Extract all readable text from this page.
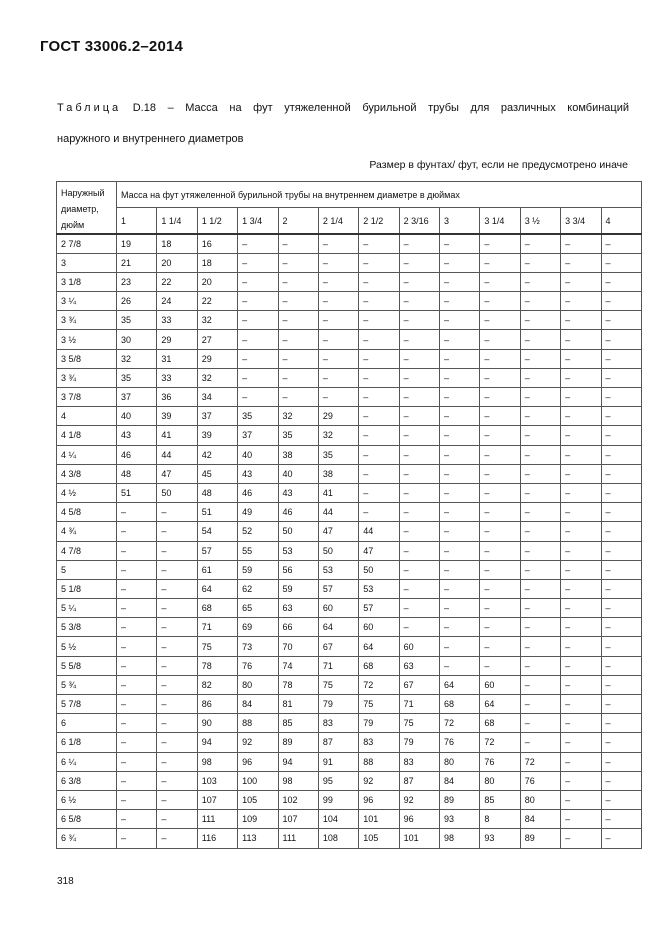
ГОСТ 33006.2–2014
Таблица D.18 – Масса на фут утяжеленной бурильной трубы для различных комбинаций
наружного и внутреннего диаметров
Размер в фунтах/ фут, если не предусмотрено иначе
Наружный диаметр, дюйм	Масса на фут утяжеленной бурильной трубы на внутреннем диаметре в дюймах												
	1	1 1/4	1 1/2	1 3/4	2	2 1/4	2 1/2	2 3/16	3	3 1/4	3 ½	3 3/4	4
2 7/8	19	18	16	–	–	–	–	–	–	–	–	–	–
3	21	20	18	–	–	–	–	–	–	–	–	–	–
3 1/8	23	22	20	–	–	–	–	–	–	–	–	–	–
3 ¼	26	24	22	–	–	–	–	–	–	–	–	–	–
3 ¾	35	33	32	–	–	–	–	–	–	–	–	–	–
3 ½	30	29	27	–	–	–	–	–	–	–	–	–	–
3 5/8	32	31	29	–	–	–	–	–	–	–	–	–	–
3 ¾	35	33	32	–	–	–	–	–	–	–	–	–	–
3 7/8	37	36	34	–	–	–	–	–	–	–	–	–	–
4	40	39	37	35	32	29	–	–	–	–	–	–	–
4 1/8	43	41	39	37	35	32	–	–	–	–	–	–	–
4 ¼	46	44	42	40	38	35	–	–	–	–	–	–	–
4 3/8	48	47	45	43	40	38	–	–	–	–	–	–	–
4 ½	51	50	48	46	43	41	–	–	–	–	–	–	–
4 5/8	–	–	51	49	46	44	–	–	–	–	–	–	–
4 ¾	–	–	54	52	50	47	44	–	–	–	–	–	–
4 7/8	–	–	57	55	53	50	47	–	–	–	–	–	–
5	–	–	61	59	56	53	50	–	–	–	–	–	–
5 1/8	–	–	64	62	59	57	53	–	–	–	–	–	–
5 ¼	–	–	68	65	63	60	57	–	–	–	–	–	–
5 3/8	–	–	71	69	66	64	60	–	–	–	–	–	–
5 ½	–	–	75	73	70	67	64	60	–	–	–	–	–
5 5/8	–	–	78	76	74	71	68	63	–	–	–	–	–
5 ¾	–	–	82	80	78	75	72	67	64	60	–	–	–
5 7/8	–	–	86	84	81	79	75	71	68	64	–	–	–
6	–	–	90	88	85	83	79	75	72	68	–	–	–
6 1/8	–	–	94	92	89	87	83	79	76	72	–	–	–
6 ¼	–	–	98	96	94	91	88	83	80	76	72	–	–
6 3/8	–	–	103	100	98	95	92	87	84	80	76	–	–
6 ½	–	–	107	105	102	99	96	92	89	85	80	–	–
6 5/8	–	–	111	109	107	104	101	96	93	8	84	–	–
6 ¾	–	–	116	113	111	108	105	101	98	93	89	–	–
318
